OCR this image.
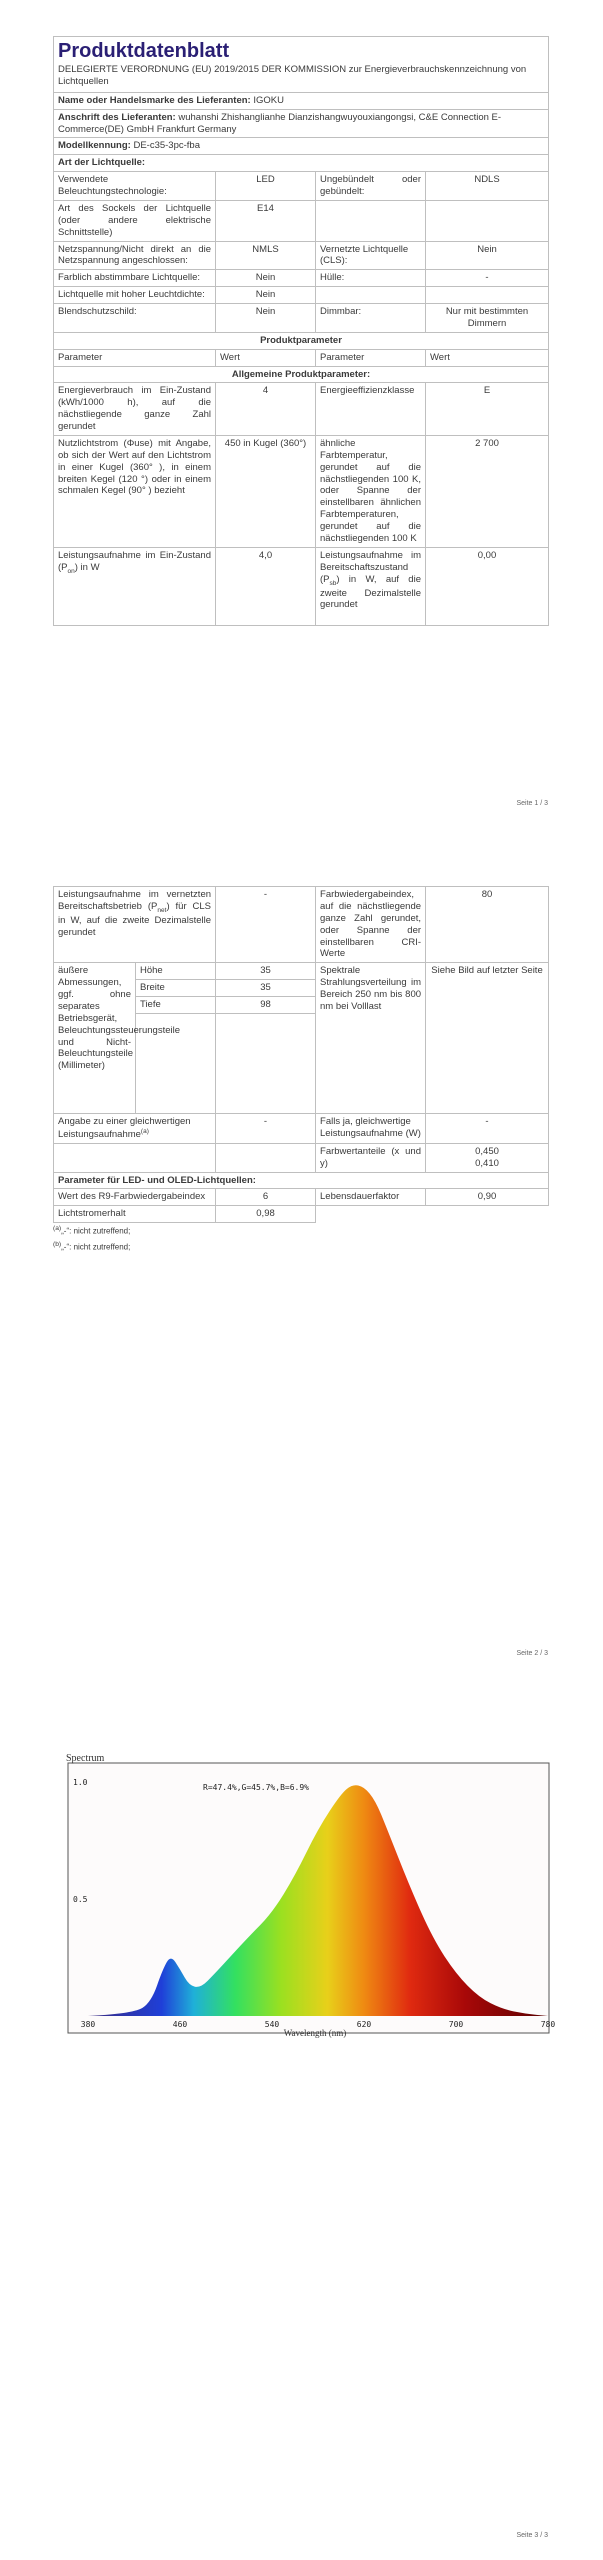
Produktdatenblatt
DELEGIERTE VERORDNUNG (EU) 2019/2015 DER KOMMISSION zur Energieverbrauchskennzeichnung von Lichtquellen			

Name oder Handelsmarke des Lieferanten: IGOKU			
Anschrift des Lieferanten: wuhanshi Zhishanglianhe Dianzishangwuyouxiangongsi, C&E Connection E-Commerce(DE) GmbH Frankfurt Germany			
Modellkennung: DE-c35-3pc-fba			
Art der Lichtquelle:			
Verwendete Beleuchtungstechnologie:	LED	Ungebündelt oder gebündelt:	NDLS
Art des Sockels der Lichtquelle (oder andere elektrische Schnittstelle)	E14		
Netzspannung/Nicht direkt an die Netzspannung angeschlossen:	NMLS	Vernetzte Lichtquelle (CLS):	Nein
Farblich abstimmbare Lichtquelle:	Nein	Hülle:	-
Lichtquelle mit hoher Leuchtdichte:	Nein		
Blendschutzschild:	Nein	Dimmbar:	Nur mit bestimmten Dimmern
Produktparameter			
Parameter	Wert	Parameter	Wert
Allgemeine Produktparameter:			
Energieverbrauch im Ein-Zustand (kWh/1000 h), auf die nächstliegende ganze Zahl gerundet	4	Energieeffizienzklasse	E
Nutzlichtstrom (Φuse) mit Angabe, ob sich der Wert auf den Lichtstrom in einer Kugel (360° ), in einem breiten Kegel (120 °) oder in einem schmalen Kegel (90° ) bezieht	450 in Kugel (360°)	ähnliche Farbtemperatur, gerundet auf die nächstliegenden 100 K, oder Spanne der einstellbaren ähnlichen Farbtemperaturen, gerundet auf die nächstliegenden 100 K	2 700
Leistungsaufnahme im Ein-Zustand $(P_{on})$ in W	4,0	Leistungsaufnahme im Bereitschaftszustand $(P_{sb})$ in W, auf die zweite Dezimalstelle gerundet	0,00
Seite 1 / 3
Leistungsaufnahme im vernetzten Bereitschaftsbetrieb $(P_{net})$ für CLS in W, auf die zweite Dezimalstelle gerundet		-	Farbwiedergabeindex, auf die nächstliegende ganze Zahl gerundet, oder Spanne der einstellbaren CRI-Werte	80
äußere Abmessungen, ggf. ohne separates Betriebsgerät, Beleuchtungssteuerungsteile und Nicht-Beleuchtungsteile (Millimeter)	Höhe	35	Spektrale Strahlungsverteilung im Bereich 250 nm bis 800 nm bei Volllast	Siehe Bild auf letzter Seite
	Breite	35		
	Tiefe	98		

Angabe zu einer gleichwertigen Leistungsaufnahme$^{(a)}$		-	Falls ja, gleichwertige Leistungsaufnahme (W)	-
			Farbwertanteile (x und y)	0,450
0,410

Parameter für LED- und OLED-Lichtquellen:				
Wert des R9-Farbwiedergabeindex		6	Lebensdauerfaktor	0,90
Lichtstromerhalt		0,98		
$^{(a)}$„-“: nicht zutreffend;
$^{(b)}$„-“: nicht zutreffend;
Seite 2 / 3
Spectrum
R=47.4%,G=45.7%,B=6.9%
1.0
0.5
380	460	540	620	700	780
Wavelength (nm)
Seite 3 / 3
